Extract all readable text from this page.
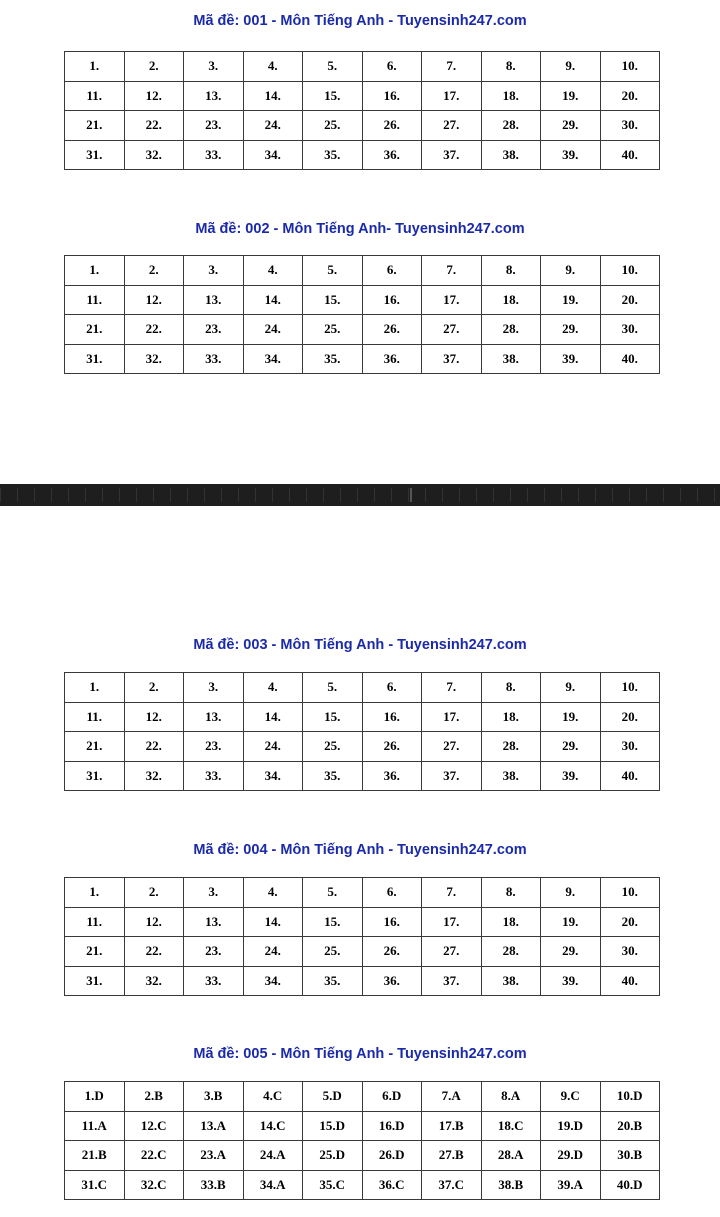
Mã đề: 001 - Môn Tiếng Anh - Tuyensinh247.com
1.	2.	3.	4.	5.	6.	7.	8.	9.	10.
11.	12.	13.	14.	15.	16.	17.	18.	19.	20.
21.	22.	23.	24.	25.	26.	27.	28.	29.	30.
31.	32.	33.	34.	35.	36.	37.	38.	39.	40.
Mã đề: 002 - Môn Tiếng Anh- Tuyensinh247.com
1.	2.	3.	4.	5.	6.	7.	8.	9.	10.
11.	12.	13.	14.	15.	16.	17.	18.	19.	20.
21.	22.	23.	24.	25.	26.	27.	28.	29.	30.
31.	32.	33.	34.	35.	36.	37.	38.	39.	40.
Mã đề: 003 - Môn Tiếng Anh - Tuyensinh247.com
1.	2.	3.	4.	5.	6.	7.	8.	9.	10.
11.	12.	13.	14.	15.	16.	17.	18.	19.	20.
21.	22.	23.	24.	25.	26.	27.	28.	29.	30.
31.	32.	33.	34.	35.	36.	37.	38.	39.	40.
Mã đề: 004 - Môn Tiếng Anh - Tuyensinh247.com
1.	2.	3.	4.	5.	6.	7.	8.	9.	10.
11.	12.	13.	14.	15.	16.	17.	18.	19.	20.
21.	22.	23.	24.	25.	26.	27.	28.	29.	30.
31.	32.	33.	34.	35.	36.	37.	38.	39.	40.
Mã đề: 005 - Môn Tiếng Anh - Tuyensinh247.com
1.D	2.B	3.B	4.C	5.D	6.D	7.A	8.A	9.C	10.D
11.A	12.C	13.A	14.C	15.D	16.D	17.B	18.C	19.D	20.B
21.B	22.C	23.A	24.A	25.D	26.D	27.B	28.A	29.D	30.B
31.C	32.C	33.B	34.A	35.C	36.C	37.C	38.B	39.A	40.D
